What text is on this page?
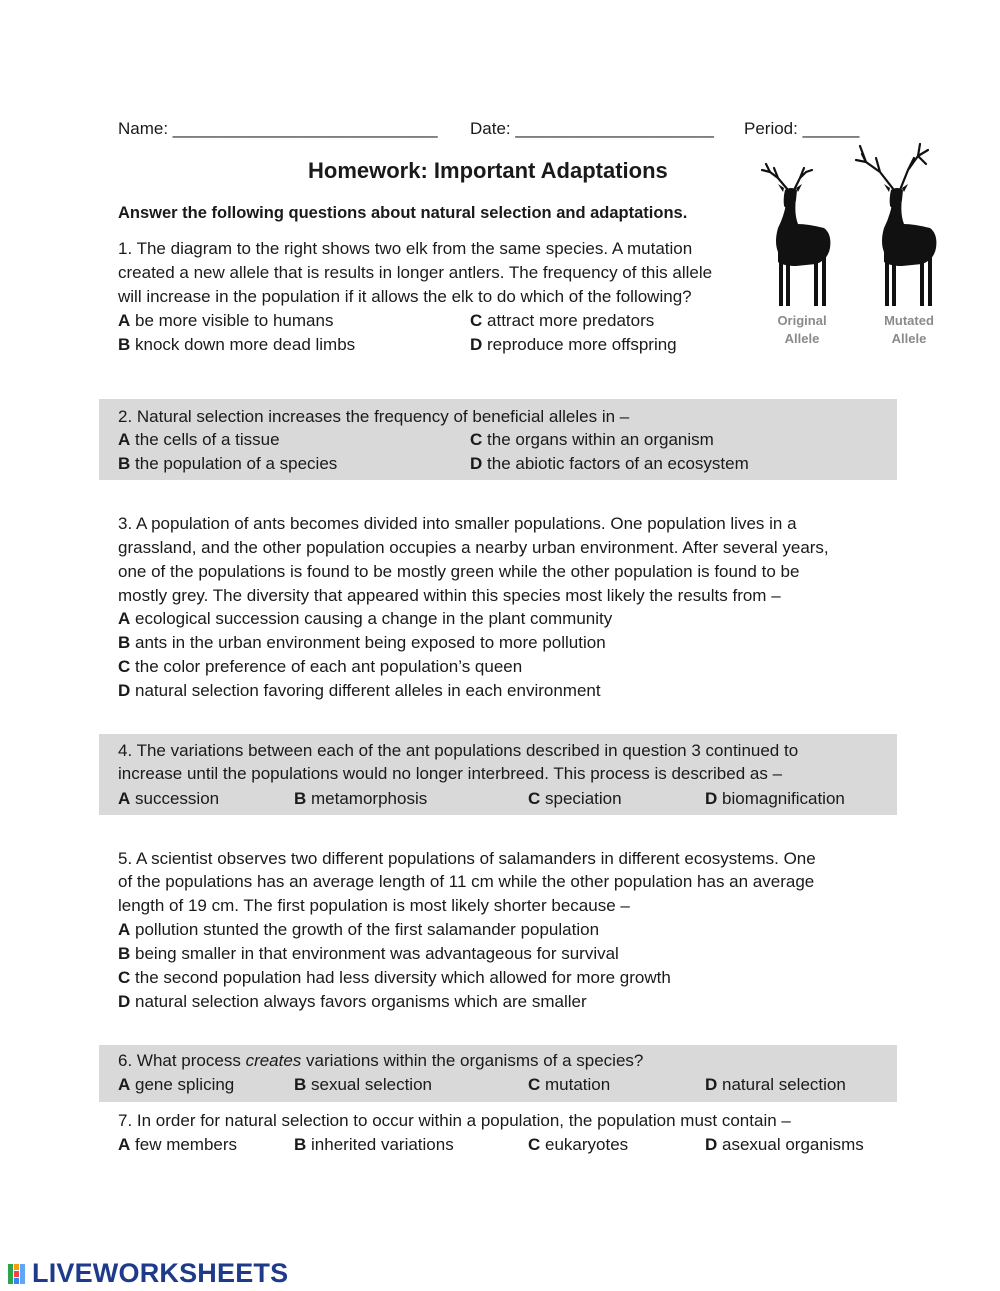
Name: ____________________________ Date: _____________________ Period: ______
Homework: Important Adaptations
Answer the following questions about natural selection and adaptations.
Original
Allele
Mutated
Allele
1. The diagram to the right shows two elk from the same species. A mutation
created a new allele that is results in longer antlers. The frequency of this allele
will increase in the population if it allows the elk to do which of the following?
A be more visible to humans
B knock down more dead limbs
C attract more predators
D reproduce more offspring
2. Natural selection increases the frequency of beneficial alleles in –
A the cells of a tissue
B the population of a species
C the organs within an organism
D the abiotic factors of an ecosystem
3. A population of ants becomes divided into smaller populations. One population lives in a
grassland, and the other population occupies a nearby urban environment. After several years,
one of the populations is found to be mostly green while the other population is found to be
mostly grey. The diversity that appeared within this species most likely the results from –
A ecological succession causing a change in the plant community
B ants in the urban environment being exposed to more pollution
C the color preference of each ant population’s queen
D natural selection favoring different alleles in each environment
4. The variations between each of the ant populations described in question 3 continued to
increase until the populations would no longer interbreed. This process is described as –
A succession	B metamorphosis	C speciation	D biomagnification
5. A scientist observes two different populations of salamanders in different ecosystems. One
of the populations has an average length of 11 cm while the other population has an average
length of 19 cm. The first population is most likely shorter because –
A pollution stunted the growth of the first salamander population
B being smaller in that environment was advantageous for survival
C the second population had less diversity which allowed for more growth
D natural selection always favors organisms which are smaller
6. What process creates variations within the organisms of a species?
A gene splicing	B sexual selection	C mutation	D natural selection
7. In order for natural selection to occur within a population, the population must contain –
A few members	B inherited variations	C eukaryotes	D asexual organisms
LIVEWORKSHEETS
